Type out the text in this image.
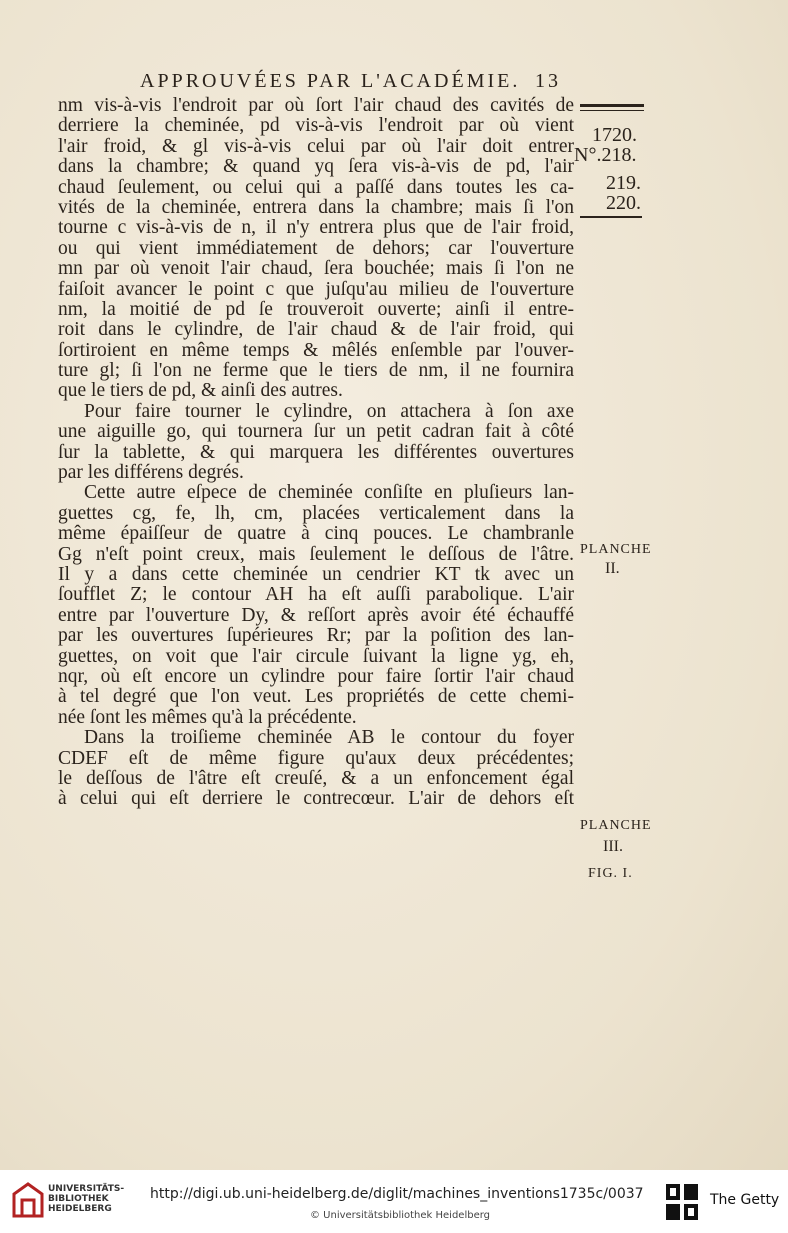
APPROUVÉES PAR L'ACADÉMIE. 13
1720.
N°.218.
219.
220.
PLANCHE
II.
PLANCHE
III.
FIG. I.
nm vis-à-vis l'endroit par où ſort l'air chaud des cavités de
derriere la cheminée, pd vis-à-vis l'endroit par où vient
l'air froid, & gl vis-à-vis celui par où l'air doit entrer
dans la chambre; & quand yq ſera vis-à-vis de pd, l'air
chaud ſeulement, ou celui qui a paſſé dans toutes les ca-
vités de la cheminée, entrera dans la chambre; mais ſi l'on
tourne c vis-à-vis de n, il n'y entrera plus que de l'air froid,
ou qui vient immédiatement de dehors; car l'ouverture
mn par où venoit l'air chaud, ſera bouchée; mais ſi l'on ne
faiſoit avancer le point c que juſqu'au milieu de l'ouverture
nm, la moitié de pd ſe trouveroit ouverte; ainſi il entre-
roit dans le cylindre, de l'air chaud & de l'air froid, qui
ſortiroient en même temps & mêlés enſemble par l'ouver-
ture gl; ſi l'on ne ferme que le tiers de nm, il ne fournira
que le tiers de pd, & ainſi des autres.
Pour faire tourner le cylindre, on attachera à ſon axe
une aiguille go, qui tournera ſur un petit cadran fait à côté
ſur la tablette, & qui marquera les différentes ouvertures
par les différens degrés.
Cette autre eſpece de cheminée conſiſte en pluſieurs lan-
guettes cg, fe, lh, cm, placées verticalement dans la
même épaiſſeur de quatre à cinq pouces. Le chambranle
Gg n'eſt point creux, mais ſeulement le deſſous de l'âtre.
Il y a dans cette cheminée un cendrier KT tk avec un
ſoufflet Z; le contour AH ha eſt auſſi parabolique. L'air
entre par l'ouverture Dy, & reſſort après avoir été échauffé
par les ouvertures ſupérieures Rr; par la poſition des lan-
guettes, on voit que l'air circule ſuivant la ligne yg, eh,
nqr, où eſt encore un cylindre pour faire ſortir l'air chaud
à tel degré que l'on veut. Les propriétés de cette chemi-
née ſont les mêmes qu'à la précédente.
Dans la troiſieme cheminée AB le contour du foyer
CDEF eſt de même figure qu'aux deux précédentes;
le deſſous de l'âtre eſt creuſé, & a un enfoncement égal
à celui qui eſt derriere le contrecœur. L'air de dehors eſt
UNIVERSITÄTS-
BIBLIOTHEK
HEIDELBERG
http://digi.ub.uni-heidelberg.de/diglit/machines_inventions1735c/0037
© Universitätsbibliothek Heidelberg
The Getty
